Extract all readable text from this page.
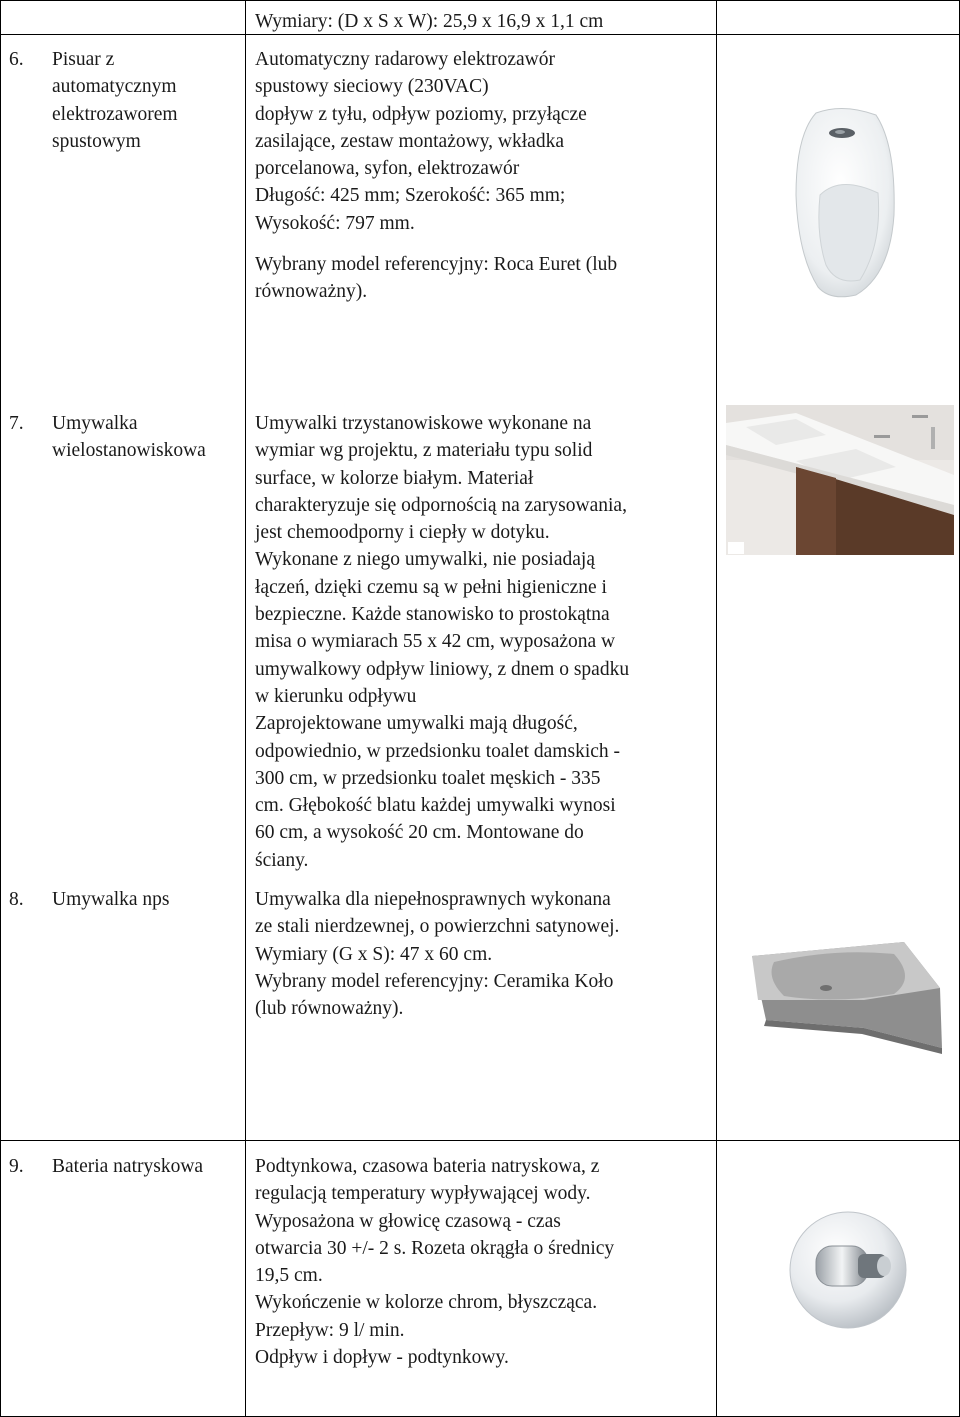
Wymiary: (D x S x W): 25,9 x 16,9 x 1,1 cm
6. Pisuar z
automatycznym
elektrozaworem
spustowym
Automatyczny radarowy elektrozawór
spustowy sieciowy (230VAC)
dopływ z tyłu, odpływ poziomy, przyłącze
zasilające, zestaw montażowy, wkładka
porcelanowa, syfon, elektrozawór
Długość: 425 mm; Szerokość: 365 mm;
Wysokość: 797 mm.
Wybrany model referencyjny: Roca Euret (lub
równoważny).
7. Umywalka
wielostanowiskowa
Umywalki trzystanowiskowe wykonane na
wymiar wg projektu, z materiału typu solid
surface, w kolorze białym. Materiał
charakteryzuje się odpornością na zarysowania,
jest chemoodporny i ciepły w dotyku.
Wykonane z niego umywalki, nie posiadają
łączeń, dzięki czemu są w pełni higieniczne i
bezpieczne. Każde stanowisko to prostokątna
misa o wymiarach 55 x 42 cm, wyposażona w
umywalkowy odpływ liniowy, z dnem o spadku
w kierunku odpływu
Zaprojektowane umywalki mają długość,
odpowiednio, w przedsionku toalet damskich -
300 cm, w przedsionku toalet męskich - 335
cm. Głębokość blatu każdej umywalki wynosi
60 cm, a wysokość 20 cm. Montowane do
ściany.
8. Umywalka nps	Umywalka dla niepełnosprawnych wykonana
ze stali nierdzewnej, o powierzchni satynowej.
Wymiary (G x S): 47 x 60 cm.
Wybrany model referencyjny: Ceramika Koło
(lub równoważny).
9. Bateria natryskowa	Podtynkowa, czasowa bateria natryskowa, z
regulacją temperatury wypływającej wody.
Wyposażona w głowicę czasową - czas
otwarcia 30 +/- 2 s. Rozeta okrągła o średnicy
19,5 cm.
Wykończenie w kolorze chrom, błyszcząca.
Przepływ: 9 l/ min.
Odpływ i dopływ - podtynkowy.
